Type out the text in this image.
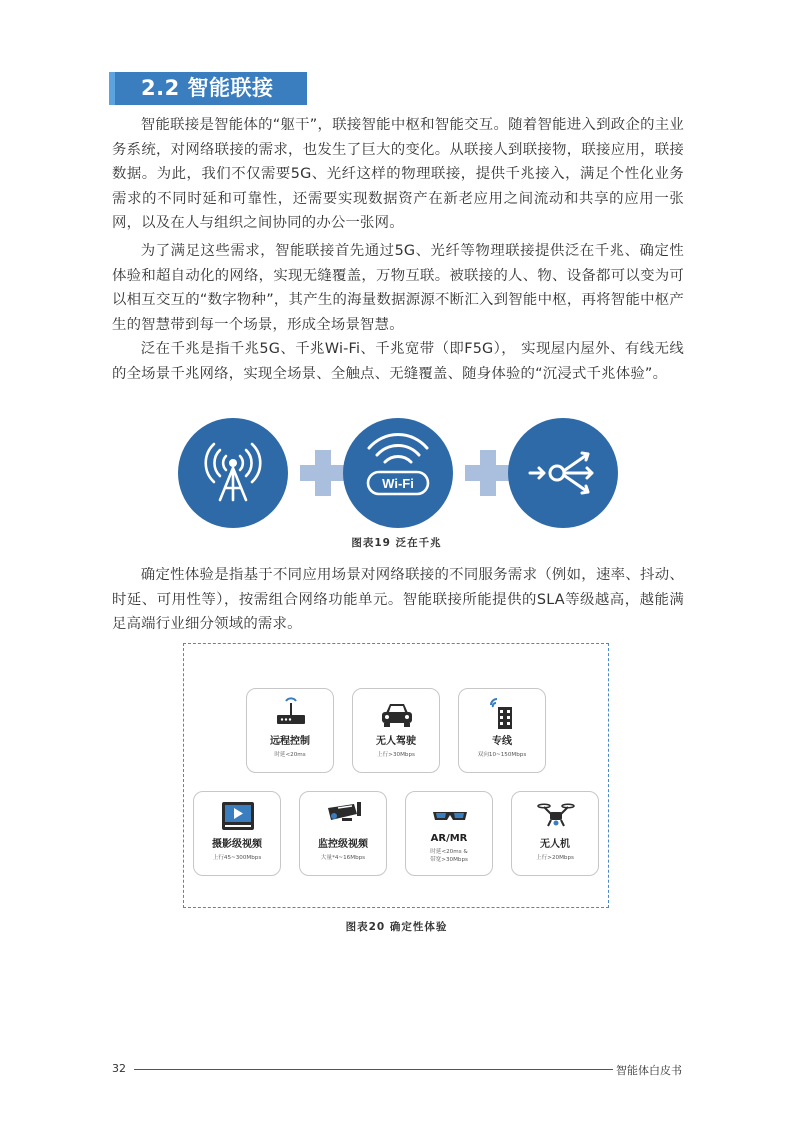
2.2 智能联接

智能联接是智能体的“躯干”，联接智能中枢和智能交互。随着智能进入到政企的主业务系统，对网络联接的需求，也发生了巨大的变化。从联接人到联接物，联接应用，联接数据。为此，我们不仅需要5G、光纤这样的物理联接，提供千兆接入，满足个性化业务需求的不同时延和可靠性，还需要实现数据资产在新老应用之间流动和共享的应用一张网，以及在人与组织之间协同的办公一张网。

为了满足这些需求，智能联接首先通过5G、光纤等物理联接提供泛在千兆、确定性体验和超自动化的网络，实现无缝覆盖，万物互联。被联接的人、物、设备都可以变为可以相互交互的“数字物种”，其产生的海量数据源源不断汇入到智能中枢，再将智能中枢产生的智慧带到每一个场景，形成全场景智慧。

泛在千兆是指千兆5G、千兆Wi-Fi、千兆宽带（即F5G）， 实现屋内屋外、有线无线的全场景千兆网络，实现全场景、全触点、无缝覆盖、随身体验的“沉浸式千兆体验”。

Wi-Fi
图表19 泛在千兆

确定性体验是指基于不同应用场景对网络联接的不同服务需求（例如，速率、抖动、时延、可用性等），按需组合网络功能单元。智能联接所能提供的SLA等级越高，越能满足高端行业细分领域的需求。

远程控制
时延<20ms
无人驾驶
上行>30Mbps
专线
双向10~150Mbps
摄影级视频
上行45~300Mbps
监控级视频
大量*4~16Mbps
AR/MR
时延<20ms &
带宽>30Mbps
无人机
上行>20Mbps
图表20 确定性体验
32	智能体白皮书
